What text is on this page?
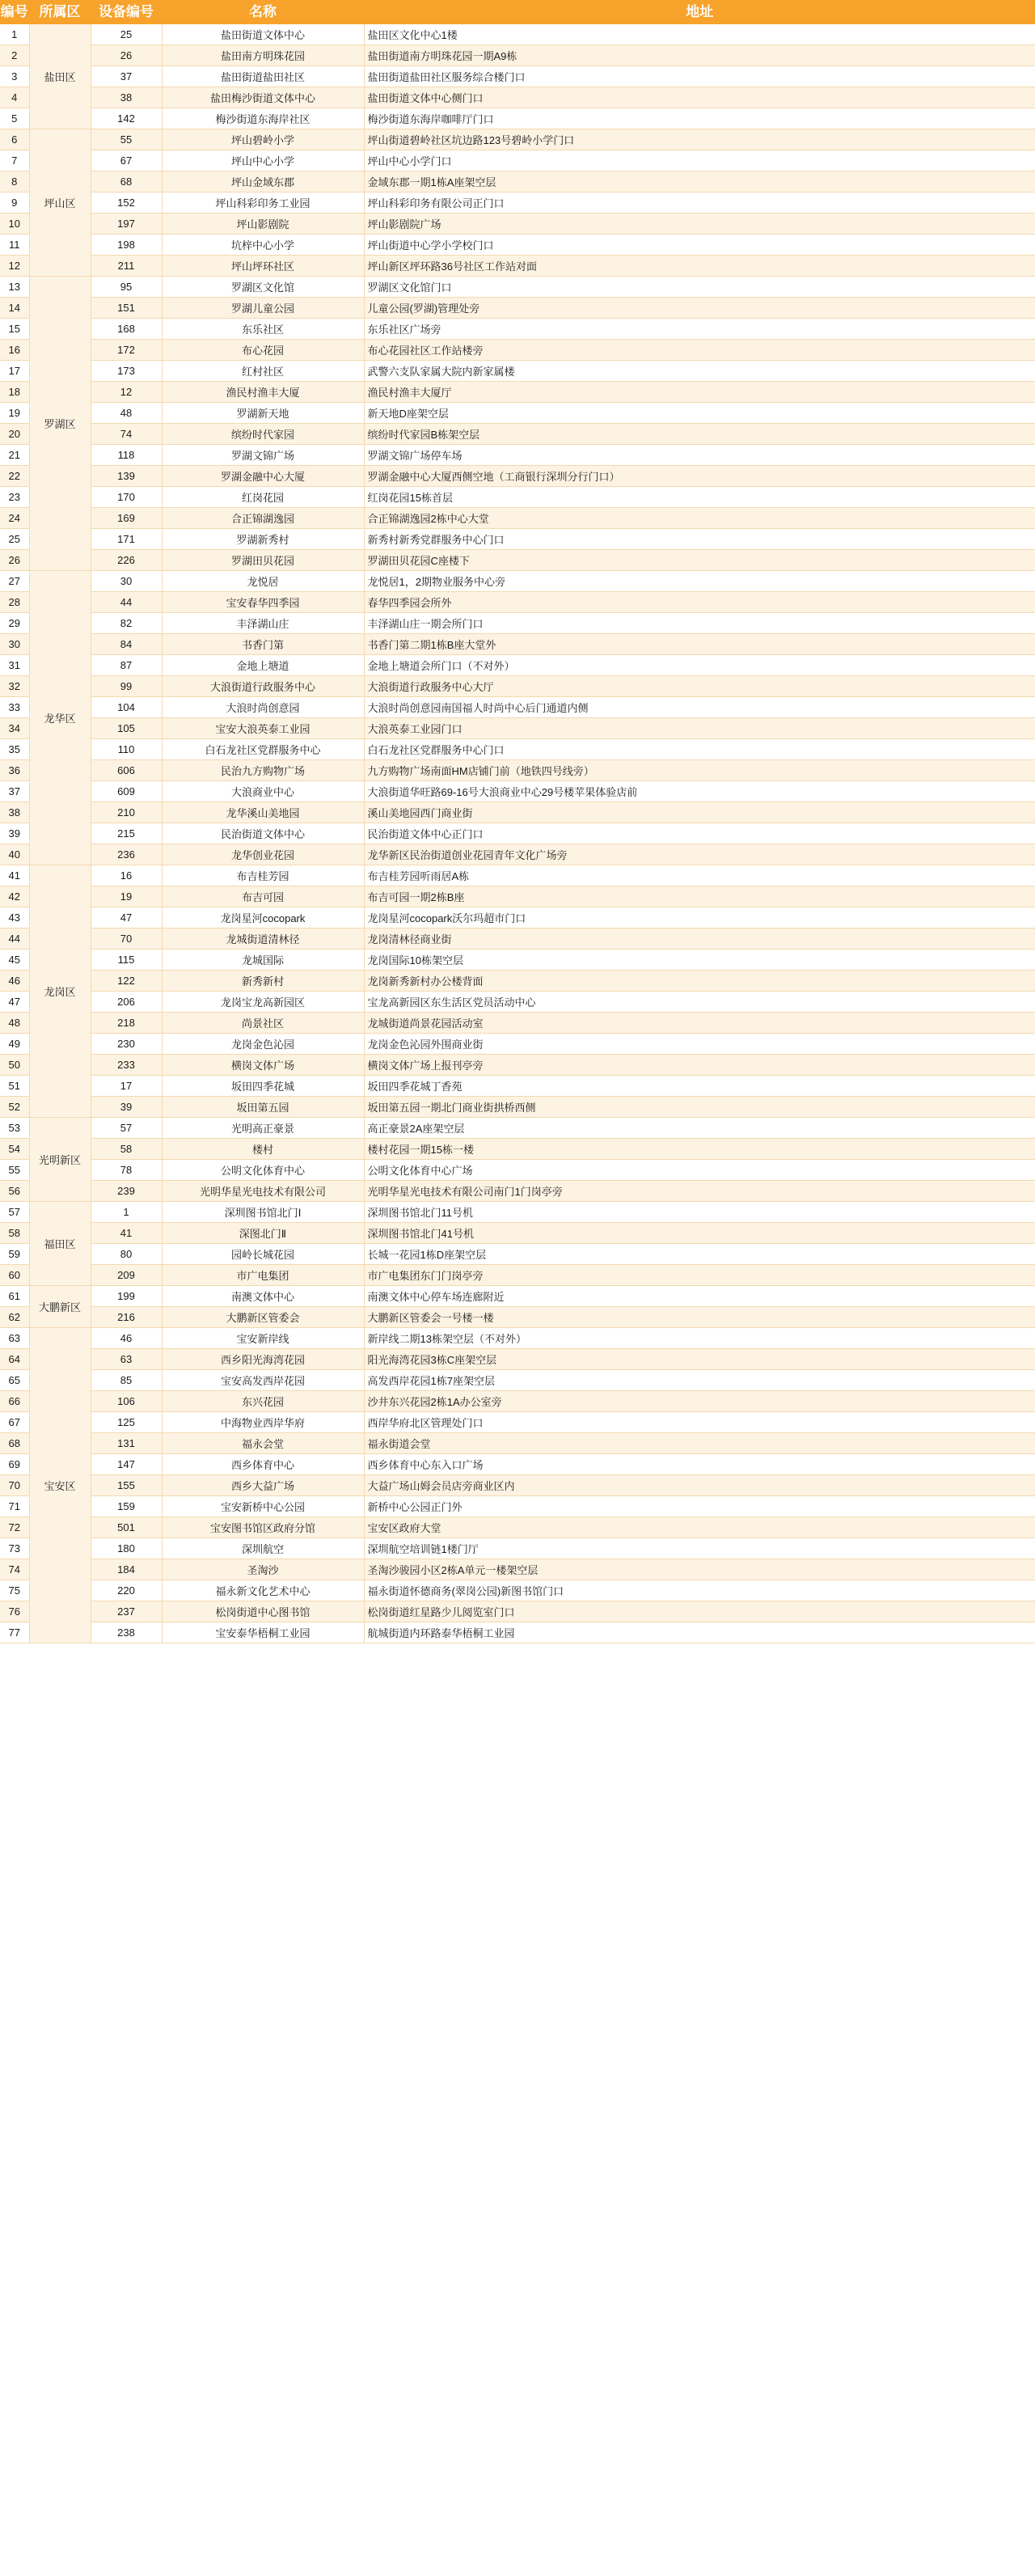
编号	所属区	设备编号	名称	地址
1	盐田区	25	盐田街道文体中心	盐田区文化中心1楼
2		26	盐田南方明珠花园	盐田街道南方明珠花园一期A9栋
3		37	盐田街道盐田社区	盐田街道盐田社区服务综合楼门口
4		38	盐田梅沙街道文体中心	盐田街道文体中心侧门口
5		142	梅沙街道东海岸社区	梅沙街道东海岸咖啡厅门口
6	坪山区	55	坪山碧岭小学	坪山街道碧岭社区坑边路123号碧岭小学门口
7		67	坪山中心小学	坪山中心小学门口
8		68	坪山金域东郡	金域东郡一期1栋A座架空层
9		152	坪山科彩印务工业园	坪山科彩印务有限公司正门口
10		197	坪山影剧院	坪山影剧院广场
11		198	坑梓中心小学	坪山街道中心学小学校门口
12		211	坪山坪环社区	坪山新区坪环路36号社区工作站对面
13	罗湖区	95	罗湖区文化馆	罗湖区文化馆门口
14		151	罗湖儿童公园	儿童公园(罗湖)管理处旁
15		168	东乐社区	东乐社区广场旁
16		172	布心花园	布心花园社区工作站楼旁
17		173	红村社区	武警六支队家属大院内新家属楼
18		12	渔民村渔丰大厦	渔民村渔丰大厦厅
19		48	罗湖新天地	新天地D座架空层
20		74	缤纷时代家园	缤纷时代家园B栋架空层
21		118	罗湖文锦广场	罗湖文锦广场停车场
22		139	罗湖金融中心大厦	罗湖金融中心大厦西侧空地（工商银行深圳分行门口）
23		170	红岗花园	红岗花园15栋首层
24		169	合正锦湖逸园	合正锦湖逸园2栋中心大堂
25		171	罗湖新秀村	新秀村新秀党群服务中心门口
26		226	罗湖田贝花园	罗湖田贝花园C座楼下
27	龙华区	30	龙悦居	龙悦居1，2期物业服务中心旁
28		44	宝安春华四季园	春华四季园会所外
29		82	丰泽湖山庄	丰泽湖山庄一期会所门口
30		84	书香门第	书香门第二期1栋B座大堂外
31		87	金地上塘道	金地上塘道会所门口（不对外）
32		99	大浪街道行政服务中心	大浪街道行政服务中心大厅
33		104	大浪时尚创意园	大浪时尚创意园南国福人时尚中心后门通道内侧
34		105	宝安大浪英泰工业园	大浪英泰工业园门口
35		110	白石龙社区党群服务中心	白石龙社区党群服务中心门口
36		606	民治九方购物广场	九方购物广场南面HM店铺门前（地铁四号线旁）
37		609	大浪商业中心	大浪街道华旺路69-16号大浪商业中心29号楼苹果体验店前
38		210	龙华溪山美地园	溪山美地园西门商业街
39		215	民治街道文体中心	民治街道文体中心正门口
40		236	龙华创业花园	龙华新区民治街道创业花园青年文化广场旁
41	龙岗区	16	布吉桂芳园	布吉桂芳园听雨居A栋
42		19	布吉可园	布吉可园一期2栋B座
43		47	龙岗星河cocopark	龙岗星河cocopark沃尔玛超市门口
44		70	龙城街道清林径	龙岗清林径商业街
45		115	龙城国际	龙岗国际10栋架空层
46		122	新秀新村	龙岗新秀新村办公楼背面
47		206	龙岗宝龙高新园区	宝龙高新园区东生活区党员活动中心
48		218	尚景社区	龙城街道尚景花园活动室
49		230	龙岗金色沁园	龙岗金色沁园外围商业街
50		233	横岗文体广场	横岗文体广场上报刊亭旁
51		17	坂田四季花城	坂田四季花城丁香苑
52		39	坂田第五园	坂田第五园一期北门商业街拱桥西侧
53	光明新区	57	光明高正豪景	高正豪景2A座架空层
54		58	楼村	楼村花园一期15栋一楼
55		78	公明文化体育中心	公明文化体育中心广场
56		239	光明华星光电技术有限公司	光明华星光电技术有限公司南门1门岗亭旁
57	福田区	1	深圳图书馆北门Ⅰ	深圳图书馆北门11号机
58		41	深图北门Ⅱ	深圳图书馆北门41号机
59		80	园岭长城花园	长城一花园1栋D座架空层
60		209	市广电集团	市广电集团东门门岗亭旁
61	大鹏新区	199	南澳文体中心	南澳文体中心停车场连廊附近
62		216	大鹏新区管委会	大鹏新区管委会一号楼一楼
63	宝安区	46	宝安新岸线	新岸线二期13栋架空层（不对外）
64		63	西乡阳光海湾花园	阳光海湾花园3栋C座架空层
65		85	宝安高发西岸花园	高发西岸花园1栋7座架空层
66		106	东兴花园	沙井东兴花园2栋1A办公室旁
67		125	中海物业西岸华府	西岸华府北区管理处门口
68		131	福永会堂	福永街道会堂
69		147	西乡体育中心	西乡体育中心东入口广场
70		155	西乡大益广场	大益广场山姆会员店旁商业区内
71		159	宝安新桥中心公园	新桥中心公园正门外
72		501	宝安图书馆区政府分馆	宝安区政府大堂
73		180	深圳航空	深圳航空培训链1楼门厅
74		184	圣淘沙	圣淘沙骏园小区2栋A单元一楼架空层
75		220	福永新文化艺术中心	福永街道怀德商务(翠岗公园)新图书馆门口
76		237	松岗街道中心图书馆	松岗街道红星路少儿阅览室门口
77		238	宝安泰华梧桐工业园	航城街道内环路泰华梧桐工业园
